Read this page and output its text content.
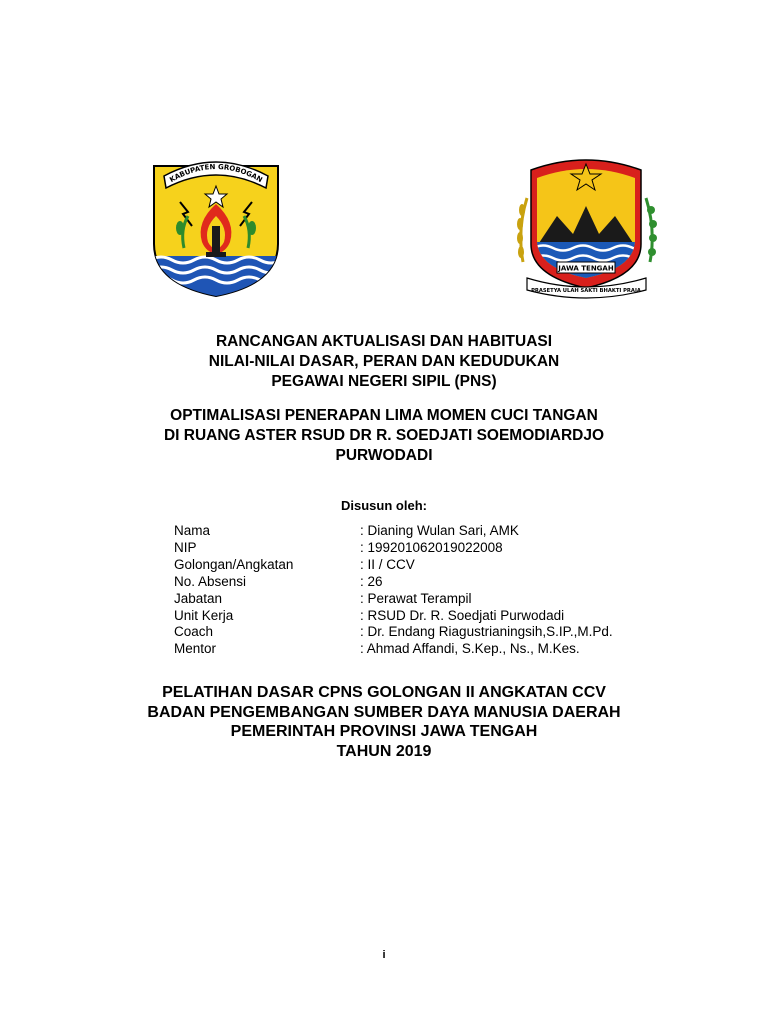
KABUPATEN GROBOGAN
JAWA TENGAH
PRASETYA ULAH SAKTI BHAKTI PRAJA
RANCANGAN AKTUALISASI DAN HABITUASI
NILAI-NILAI DASAR, PERAN DAN KEDUDUKAN
PEGAWAI NEGERI SIPIL (PNS)
OPTIMALISASI PENERAPAN LIMA MOMEN CUCI TANGAN
DI RUANG ASTER RSUD DR R. SOEDJATI SOEMODIARDJO
PURWODADI
Disusun oleh:
Nama	: Dianing Wulan Sari, AMK
NIP	: 199201062019022008
Golongan/Angkatan	: II / CCV
No. Absensi	: 26
Jabatan	: Perawat Terampil
Unit Kerja	: RSUD Dr. R. Soedjati Purwodadi
Coach	: Dr. Endang Riagustrianingsih,S.IP.,M.Pd.
Mentor	: Ahmad Affandi, S.Kep., Ns., M.Kes.
PELATIHAN DASAR CPNS GOLONGAN II ANGKATAN CCV
BADAN PENGEMBANGAN SUMBER DAYA MANUSIA DAERAH
PEMERINTAH PROVINSI JAWA TENGAH
TAHUN 2019
i
